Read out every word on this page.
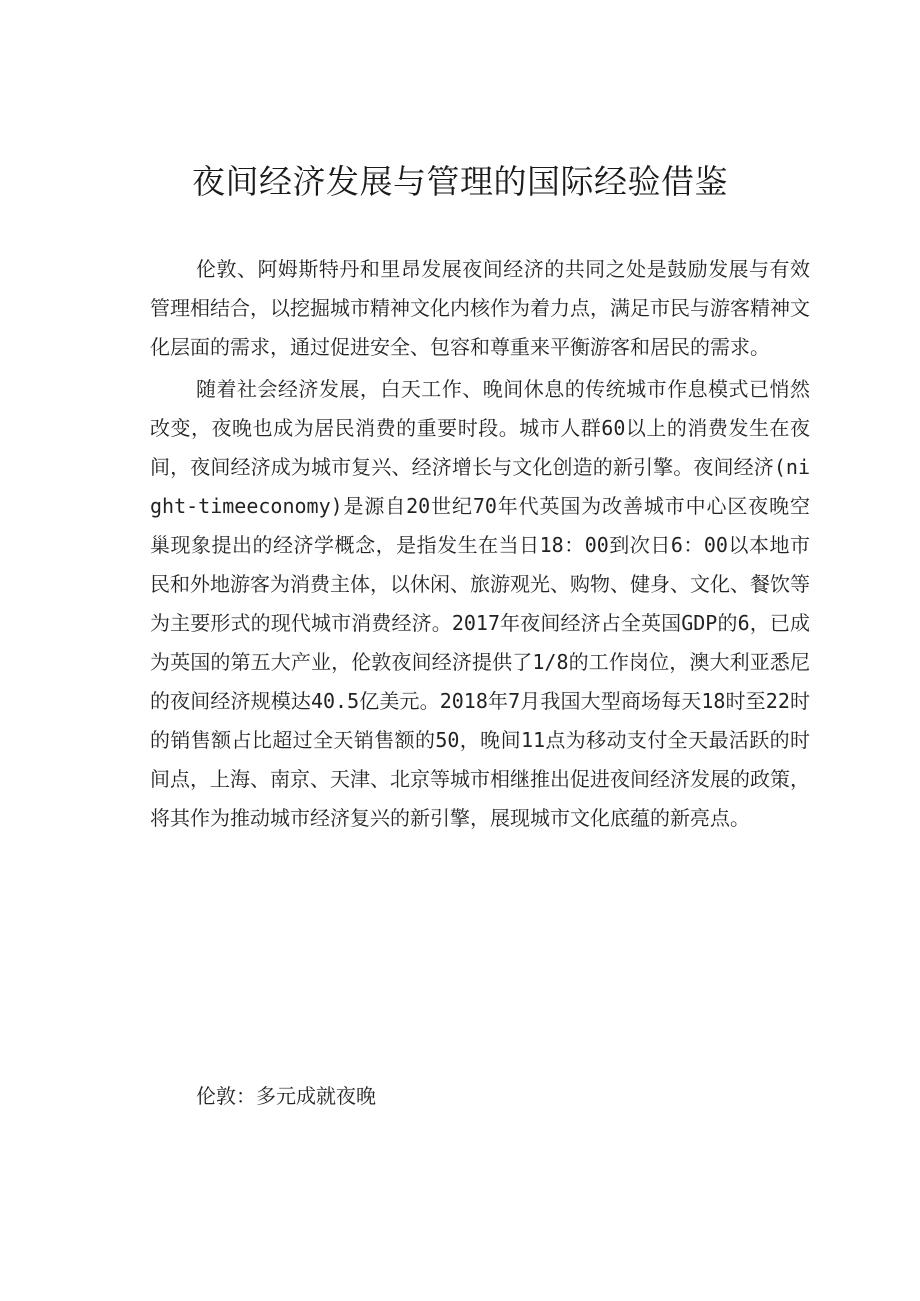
夜间经济发展与管理的国际经验借鉴

伦敦、阿姆斯特丹和里昂发展夜间经济的共同之处是鼓励发展与有效管理相结合，以挖掘城市精神文化内核作为着力点，满足市民与游客精神文化层面的需求，通过促进安全、包容和尊重来平衡游客和居民的需求。

随着社会经济发展，白天工作、晚间休息的传统城市作息模式已悄然改变，夜晚也成为居民消费的重要时段。城市人群60以上的消费发生在夜间，夜间经济成为城市复兴、经济增长与文化创造的新引擎。夜间经济(night-timeeconomy)是源自20世纪70年代英国为改善城市中心区夜晚空巢现象提出的经济学概念，是指发生在当日18：00到次日6：00以本地市民和外地游客为消费主体，以休闲、旅游观光、购物、健身、文化、餐饮等为主要形式的现代城市消费经济。2017年夜间经济占全英国GDP的6，已成为英国的第五大产业，伦敦夜间经济提供了1/8的工作岗位，澳大利亚悉尼的夜间经济规模达40.5亿美元。2018年7月我国大型商场每天18时至22时的销售额占比超过全天销售额的50，晚间11点为移动支付全天最活跃的时间点，上海、南京、天津、北京等城市相继推出促进夜间经济发展的政策，将其作为推动城市经济复兴的新引擎，展现城市文化底蕴的新亮点。

伦敦：多元成就夜晚
